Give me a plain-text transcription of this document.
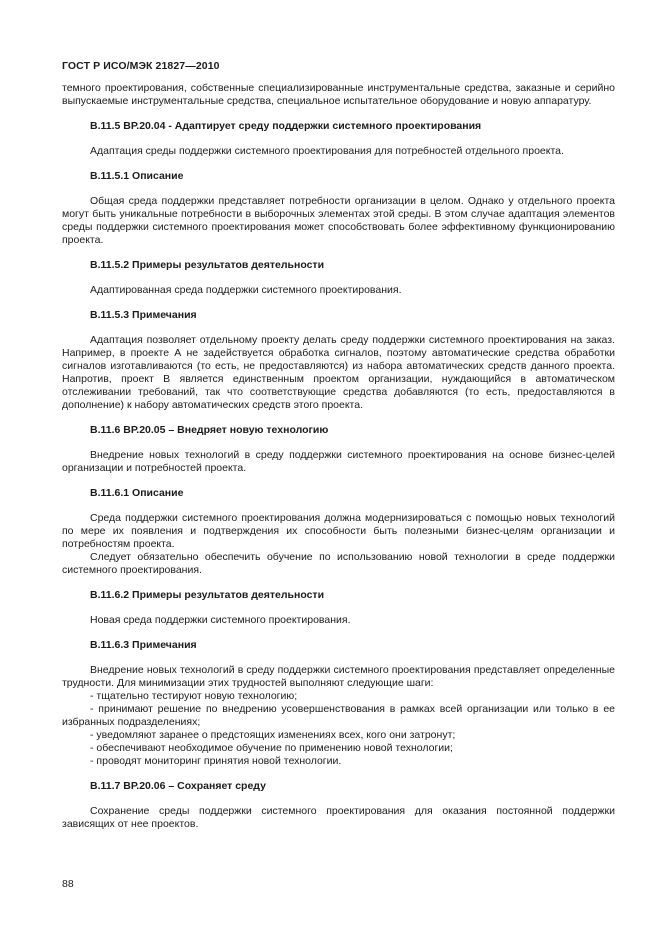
ГОСТ Р ИСО/МЭК 21827—2010

темного проектирования, собственные специализированные инструментальные средства, заказные и серийно выпускаемые инструментальные средства, специальное испытательное оборудование и новую аппаратуру.

В.11.5 ВР.20.04 - Адаптирует среду поддержки системного проектирования

Адаптация среды поддержки системного проектирования для потребностей отдельного проекта.

В.11.5.1 Описание

Общая среда поддержки представляет потребности организации в целом. Однако у отдельного проекта могут быть уникальные потребности в выборочных элементах этой среды. В этом случае адаптация элементов среды поддержки системного проектирования может способствовать более эффективному функционированию проекта.

В.11.5.2 Примеры результатов деятельности

Адаптированная среда поддержки системного проектирования.

В.11.5.3 Примечания

Адаптация позволяет отдельному проекту делать среду поддержки системного проектирования на заказ. Например, в проекте А не задействуется обработка сигналов, поэтому автоматические средства обработки сигналов изготавливаются (то есть, не предоставляются) из набора автоматических средств данного проекта. Напротив, проект В является единственным проектом организации, нуждающийся в автоматическом отслеживании требований, так что соответствующие средства добавляются (то есть, предоставляются в дополнение) к набору автоматических средств этого проекта.

В.11.6 ВР.20.05 – Внедряет новую технологию

Внедрение новых технологий в среду поддержки системного проектирования на основе бизнес-целей организации и потребностей проекта.

В.11.6.1 Описание

Среда поддержки системного проектирования должна модернизироваться с помощью новых технологий по мере их появления и подтверждения их способности быть полезными бизнес-целям организации и потребностям проекта.

Следует обязательно обеспечить обучение по использованию новой технологии в среде поддержки системного проектирования.

В.11.6.2 Примеры результатов деятельности

Новая среда поддержки системного проектирования.

В.11.6.3 Примечания

Внедрение новых технологий в среду поддержки системного проектирования представляет определенные трудности. Для минимизации этих трудностей выполняют следующие шаги:

- тщательно тестируют новую технологию;
- принимают решение по внедрению усовершенствования в рамках всей организации или только в ее избранных подразделениях;
- уведомляют заранее о предстоящих изменениях всех, кого они затронут;
- обеспечивают необходимое обучение по применению новой технологии;
- проводят мониторинг принятия новой технологии.
В.11.7 ВР.20.06 – Сохраняет среду

Сохранение среды поддержки системного проектирования для оказания постоянной поддержки зависящих от нее проектов.

88
